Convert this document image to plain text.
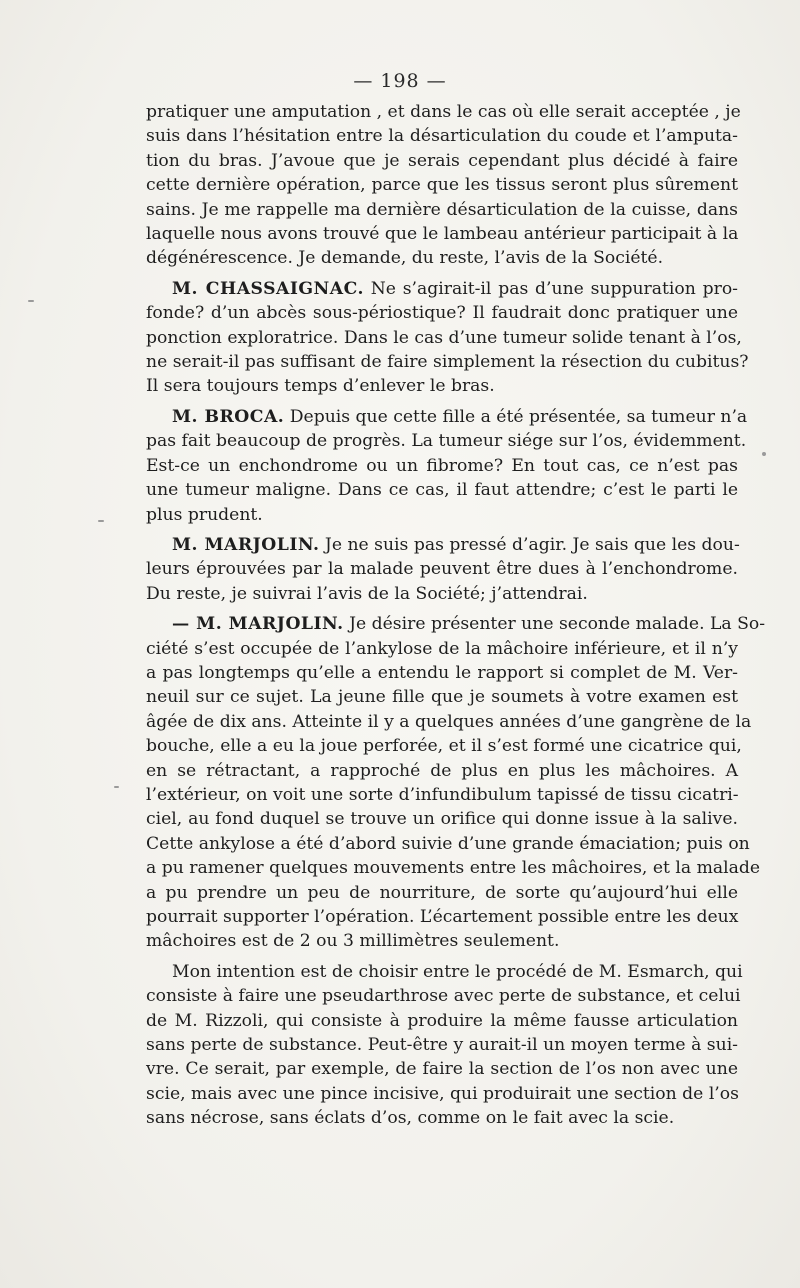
— 198 —

pratiquer une amputation , et dans le cas où elle serait acceptée , je
suis dans l’hésitation entre la désarticulation du coude et l’amputa-
tion du bras. J’avoue que je serais cependant plus décidé à faire
cette dernière opération, parce que les tissus seront plus sûrement
sains. Je me rappelle ma dernière désarticulation de la cuisse, dans
laquelle nous avons trouvé que le lambeau antérieur participait à la
dégénérescence. Je demande, du reste, l’avis de la Société.

M. CHASSAIGNAC. Ne s’agirait-il pas d’une suppuration pro-
fonde? d’un abcès sous-périostique? Il faudrait donc pratiquer une
ponction exploratrice. Dans le cas d’une tumeur solide tenant à l’os,
ne serait-il pas suffisant de faire simplement la résection du cubitus?
Il sera toujours temps d’enlever le bras.

M. BROCA. Depuis que cette fille a été présentée, sa tumeur n’a
pas fait beaucoup de progrès. La tumeur siége sur l’os, évidemment.
Est-ce un enchondrome ou un fibrome? En tout cas, ce n’est pas
une tumeur maligne. Dans ce cas, il faut attendre; c’est le parti le
plus prudent.

M. MARJOLIN. Je ne suis pas pressé d’agir. Je sais que les dou-
leurs éprouvées par la malade peuvent être dues à l’enchondrome.
Du reste, je suivrai l’avis de la Société; j’attendrai.

— M. MARJOLIN. Je désire présenter une seconde malade. La So-
ciété s’est occupée de l’ankylose de la mâchoire inférieure, et il n’y
a pas longtemps qu’elle a entendu le rapport si complet de M. Ver-
neuil sur ce sujet. La jeune fille que je soumets à votre examen est
âgée de dix ans. Atteinte il y a quelques années d’une gangrène de la
bouche, elle a eu la joue perforée, et il s’est formé une cicatrice qui,
en se rétractant, a rapproché de plus en plus les mâchoires. A
l’extérieur, on voit une sorte d’infundibulum tapissé de tissu cicatri-
ciel, au fond duquel se trouve un orifice qui donne issue à la salive.
Cette ankylose a été d’abord suivie d’une grande émaciation; puis on
a pu ramener quelques mouvements entre les mâchoires, et la malade
a pu prendre un peu de nourriture, de sorte qu’aujourd’hui elle
pourrait supporter l’opération. L’écartement possible entre les deux
mâchoires est de 2 ou 3 millimètres seulement.

Mon intention est de choisir entre le procédé de M. Esmarch, qui
consiste à faire une pseudarthrose avec perte de substance, et celui
de M. Rizzoli, qui consiste à produire la même fausse articulation
sans perte de substance. Peut-être y aurait-il un moyen terme à sui-
vre. Ce serait, par exemple, de faire la section de l’os non avec une
scie, mais avec une pince incisive, qui produirait une section de l’os
sans nécrose, sans éclats d’os, comme on le fait avec la scie.
